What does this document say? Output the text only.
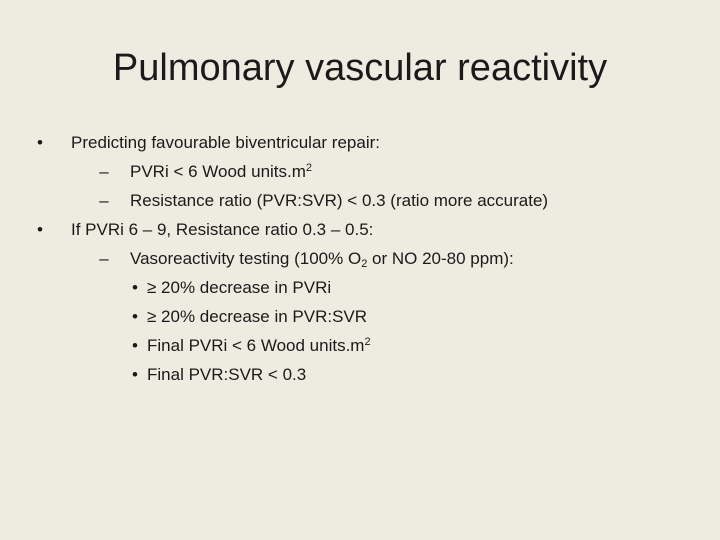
Pulmonary vascular reactivity
• Predicting favourable biventricular repair:
– PVRi < 6 Wood $units.m^2$
– Resistance ratio (PVR:SVR) < 0.3 (ratio more accurate)
• If PVRi 6 – 9, Resistance ratio 0.3 – 0.5:
– Vasoreactivity testing (100% $O_2$ or NO 20-80 ppm):
• ≥ 20% decrease in PVRi
• ≥ 20% decrease in PVR:SVR
• Final PVRi < 6 Wood $units.m^2$
• Final PVR:SVR < 0.3
